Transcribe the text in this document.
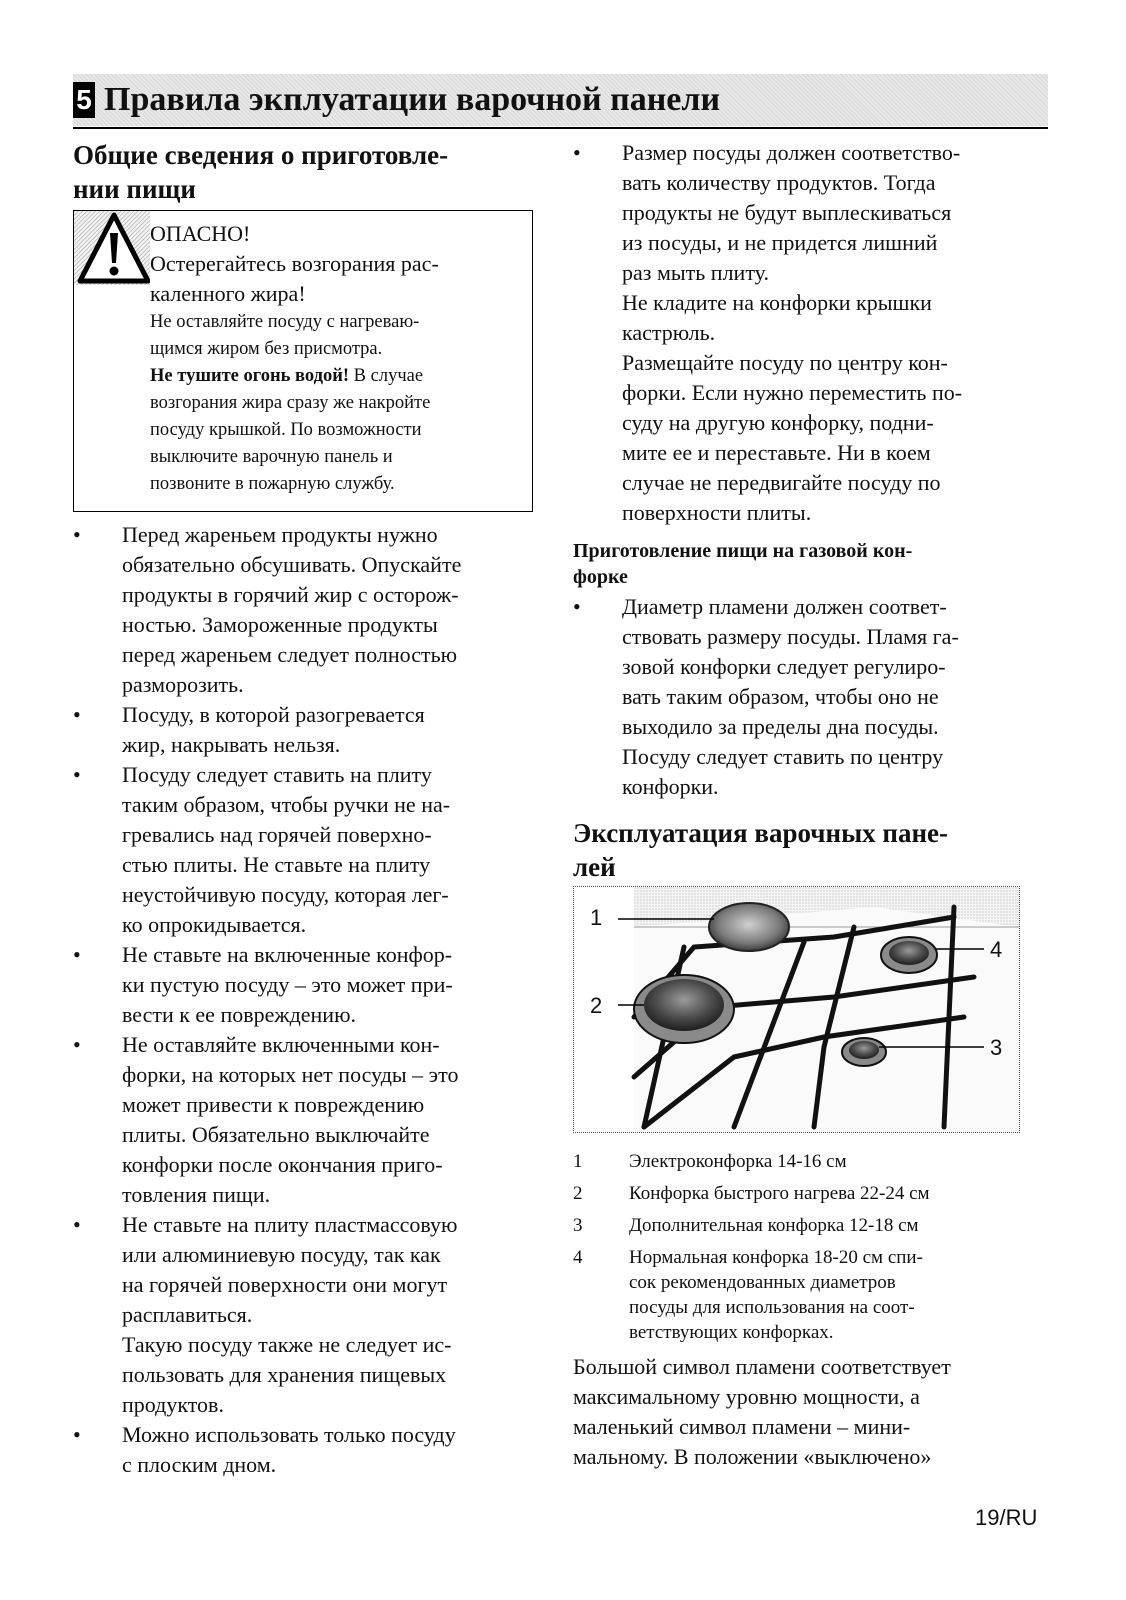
5 Правила экплуатации варочной панели
Общие сведения о приготовле-
нии пищи
ОПАСНО!
Остерегайтесь возгорания рас-
каленного жира!
Не оставляйте посуду с нагреваю-
щимся жиром без присмотра.
Не тушите огонь водой! В случае
возгорания жира сразу же накройте
посуду крышкой. По возможности
выключите варочную панель и
позвоните в пожарную службу.
• Перед жареньем продукты нужно
обязательно обсушивать. Опускайте
продукты в горячий жир с осторож-
ностью. Замороженные продукты
перед жареньем следует полностью
разморозить.
• Посуду, в которой разогревается
жир, накрывать нельзя.
• Посуду следует ставить на плиту
таким образом, чтобы ручки не на-
гревались над горячей поверхно-
стью плиты. Не ставьте на плиту
неустойчивую посуду, которая лег-
ко опрокидывается.
• Не ставьте на включенные конфор-
ки пустую посуду – это может при-
вести к ее повреждению.
• Не оставляйте включенными кон-
форки, на которых нет посуды – это
может привести к повреждению
плиты. Обязательно выключайте
конфорки после окончания приго-
товления пищи.
• Не ставьте на плиту пластмассовую
или алюминиевую посуду, так как
на горячей поверхности они могут
расплавиться.
Такую посуду также не следует ис-
пользовать для хранения пищевых
продуктов.
• Можно использовать только посуду
с плоским дном.
• Размер посуды должен соответство-
вать количеству продуктов. Тогда
продукты не будут выплескиваться
из посуды, и не придется лишний
раз мыть плиту.
Не кладите на конфорки крышки
кастрюль.
Размещайте посуду по центру кон-
форки. Если нужно переместить по-
суду на другую конфорку, подни-
мите ее и переставьте. Ни в коем
случае не передвигайте посуду по
поверхности плиты.
Приготовление пищи на газовой кон-
форке
• Диаметр пламени должен соответ-
ствовать размеру посуды. Пламя га-
зовой конфорки следует регулиро-
вать таким образом, чтобы оно не
выходило за пределы дна посуды.
Посуду следует ставить по центру
конфорки.
Эксплуатация варочных пане-
лей
1
2
3
4
1	Электроконфорка 14-16 см
2	Конфорка быстрого нагрева 22-24 см
3	Дополнительная конфорка 12-18 см
4	Нормальная конфорка 18-20 см спи-
сок рекомендованных диаметров
посуды для использования на соот-
ветствующих конфорках.
Большой символ пламени соответствует
максимальному уровню мощности, а
маленький символ пламени – мини-
мальному. В положении «выключено»
19/RU
